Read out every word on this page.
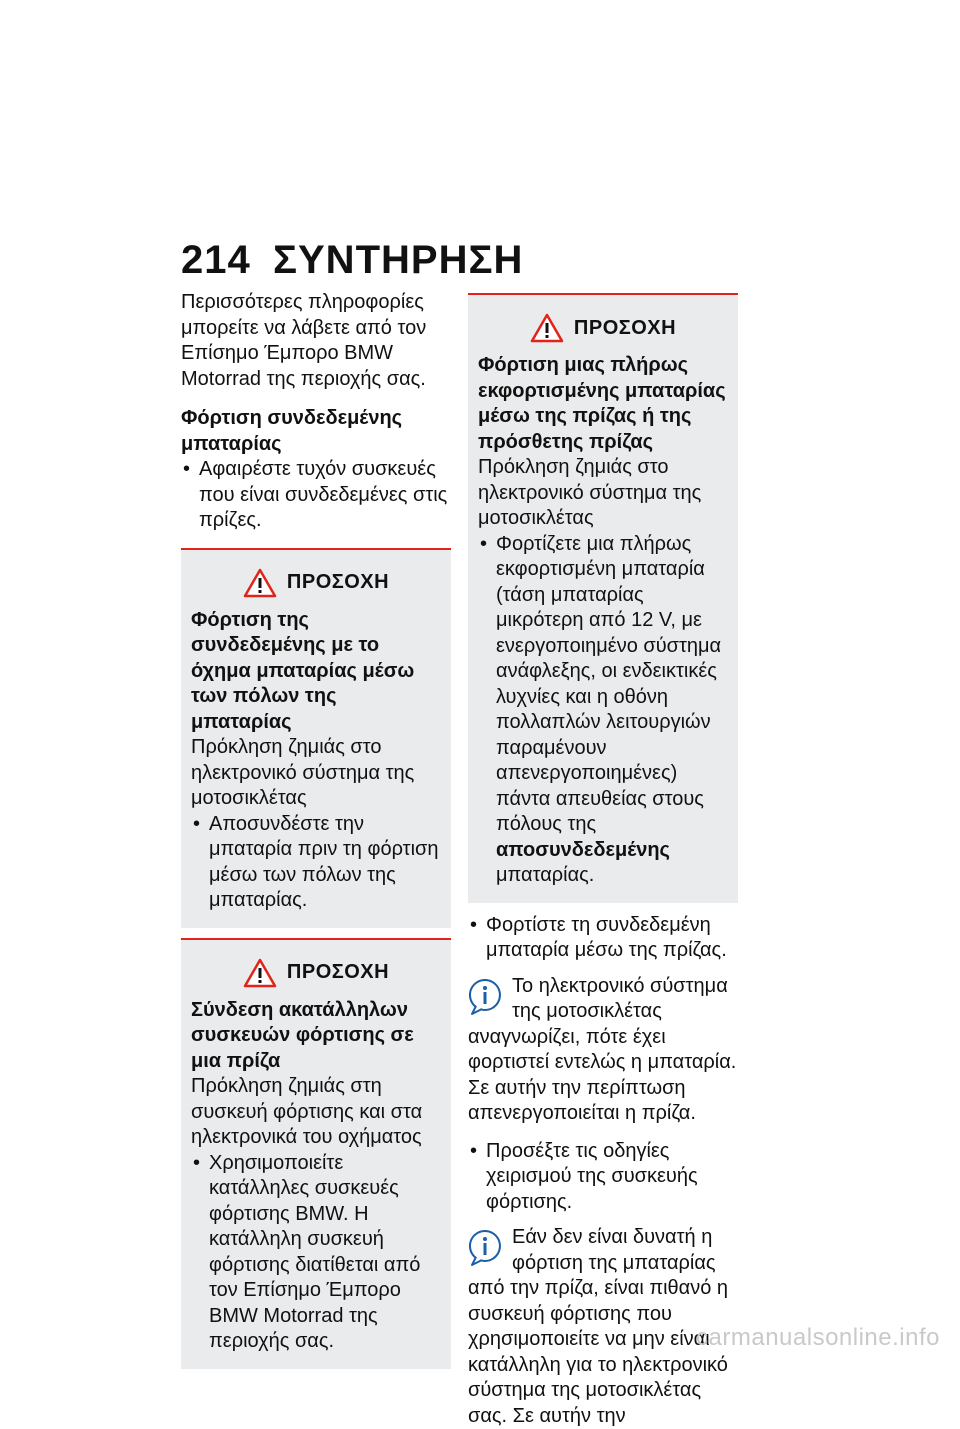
214 ΣΥΝΤΗΡΗΣΗ

Περισσότερες πληροφορίες μπορείτε να λάβετε από τον Επίσημο Έμπορο BMW Motorrad της περιοχής σας.

Φόρτιση συνδεδεμένης μπαταρίας
• Αφαιρέστε τυχόν συσκευές που είναι συνδεδεμένες στις πρίζες.
ΠΡΟΣΟΧΗ
Φόρτιση της συνδεδεμένης με το όχημα μπαταρίας μέσω των πόλων της μπαταρίας

Πρόκληση ζημιάς στο ηλεκτρονικό σύστημα της μοτοσικλέτας

• Αποσυνδέστε την μπαταρία πριν τη φόρτιση μέσω των πόλων της μπαταρίας.
ΠΡΟΣΟΧΗ
Σύνδεση ακατάλληλων συσκευών φόρτισης σε μια πρίζα

Πρόκληση ζημιάς στη συσκευή φόρτισης και στα ηλεκτρονικά του οχήματος

• Χρησιμοποιείτε κατάλληλες συσκευές φόρτισης BMW. Η κατάλληλη συσκευή φόρτισης διατίθεται από τον Επίσημο Έμπορο BMW Motorrad της περιοχής σας.
ΠΡΟΣΟΧΗ
Φόρτιση μιας πλήρως εκφορτισμένης μπαταρίας μέσω της πρίζας ή της πρόσθετης πρίζας

Πρόκληση ζημιάς στο ηλεκτρονικό σύστημα της μοτοσικλέτας

• Φορτίζετε μια πλήρως εκφορτισμένη μπαταρία (τάση μπαταρίας μικρότερη από 12 V, με ενεργοποιημένο σύστημα ανάφλεξης, οι ενδεικτικές λυχνίες και η οθόνη πολλαπλών λειτουργιών παραμένουν απενεργοποιημένες) πάντα απευθείας στους πόλους της αποσυνδεδεμένης μπαταρίας.
• Φορτίστε τη συνδεδεμένη μπαταρία μέσω της πρίζας.
Το ηλεκτρονικό σύστημα της μοτοσικλέτας αναγνωρίζει, πότε έχει φορτιστεί εντελώς η μπαταρία. Σε αυτήν την περίπτωση απενεργοποιείται η πρίζα.
• Προσέξτε τις οδηγίες χειρισμού της συσκευής φόρτισης.
Εάν δεν είναι δυνατή η φόρτιση της μπαταρίας από την πρίζα, είναι πιθανό η συσκευή φόρτισης που χρησιμοποιείτε να μην είναι κατάλληλη για το ηλεκτρονικό σύστημα της μοτοσικλέτας σας. Σε αυτήν την
carmanualsonline.info
